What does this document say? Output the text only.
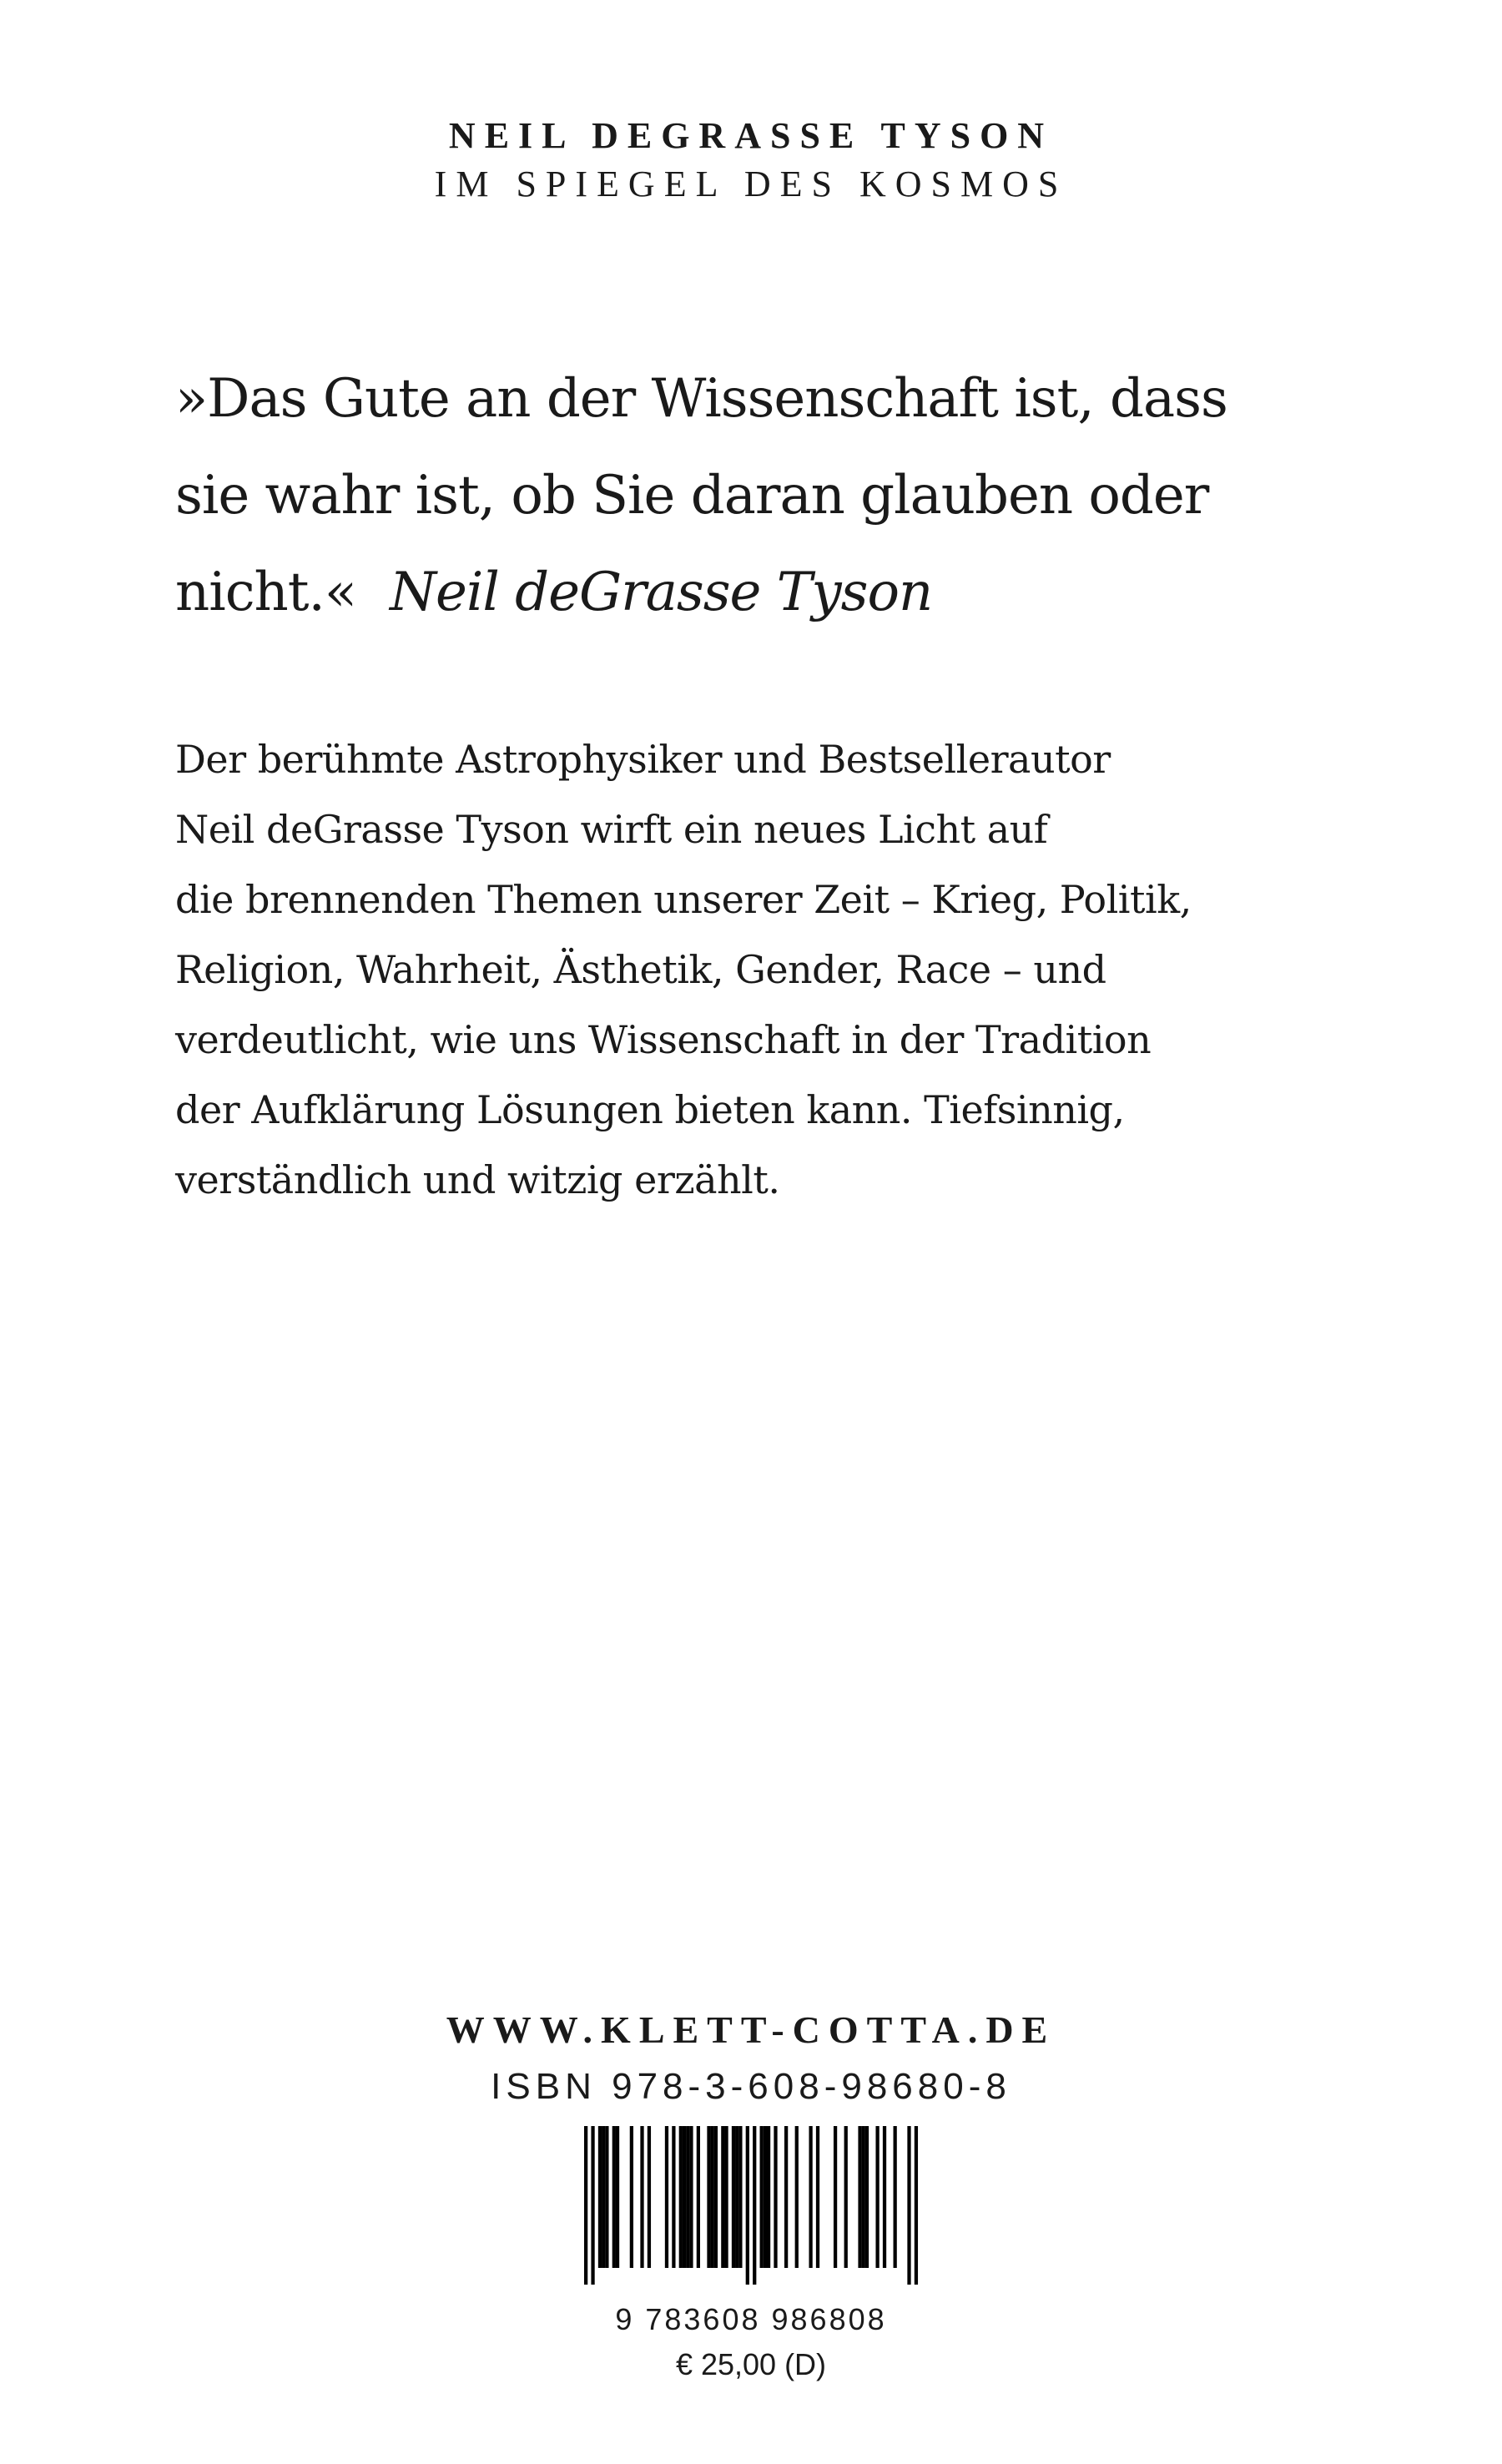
NEIL DEGRASSE TYSON
IM SPIEGEL DES KOSMOS
»Das Gute an der Wissenschaft ist, dass
sie wahr ist, ob Sie daran glauben oder
nicht.« Neil deGrasse Tyson
Der berühmte Astrophysiker und Bestsellerautor
Neil deGrasse Tyson wirft ein neues Licht auf
die brennenden Themen unserer Zeit – Krieg, Politik,
Religion, Wahrheit, Ästhetik, Gender, Race – und
verdeutlicht, wie uns Wissenschaft in der Tradition
der Aufklärung Lösungen bieten kann. Tiefsinnig,
verständlich und witzig erzählt.
WWW.KLETT-COTTA.DE
ISBN 978-3-608-98680-8
9 783608 986808
€ 25,00 (D)
